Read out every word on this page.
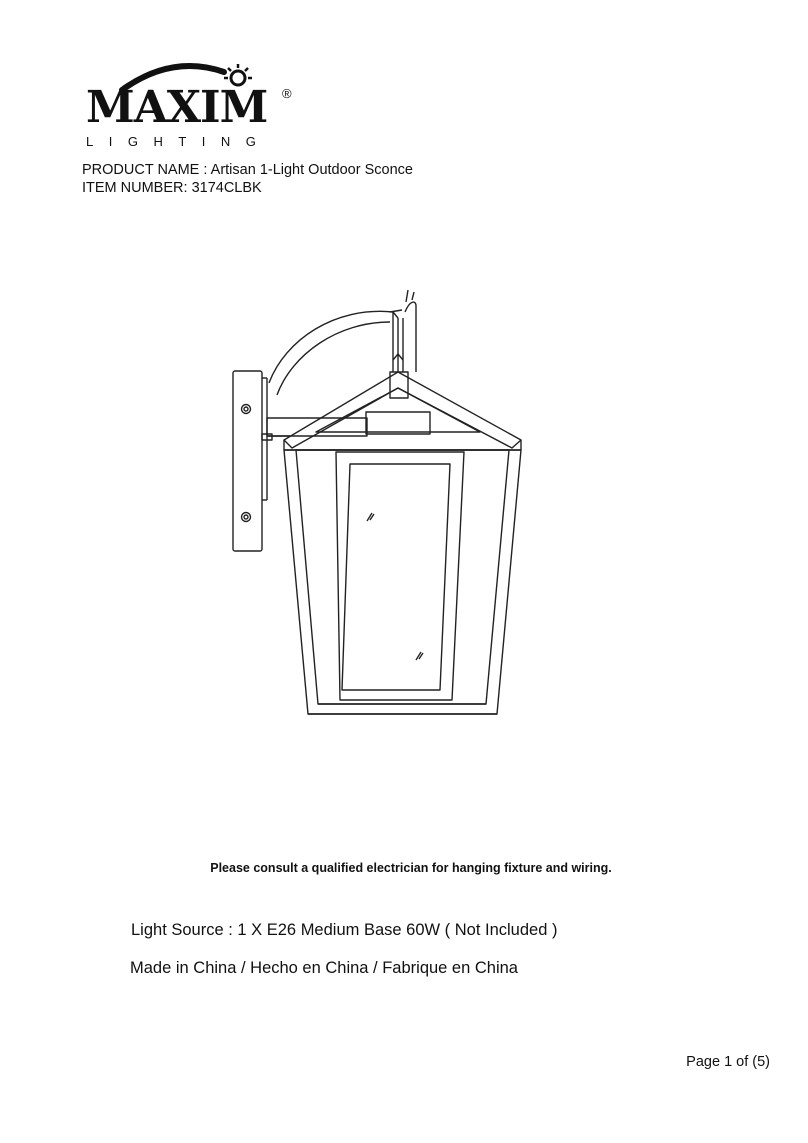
MAXIM ®
LIGHTING
PRODUCT NAME : Artisan 1-Light Outdoor Sconce
ITEM NUMBER: 3174CLBK
Please consult a qualified electrician for hanging fixture and wiring.
Light Source : 1 X E26 Medium Base 60W ( Not Included )
Made in China / Hecho en China / Fabrique en China
Page 1 of (5)
